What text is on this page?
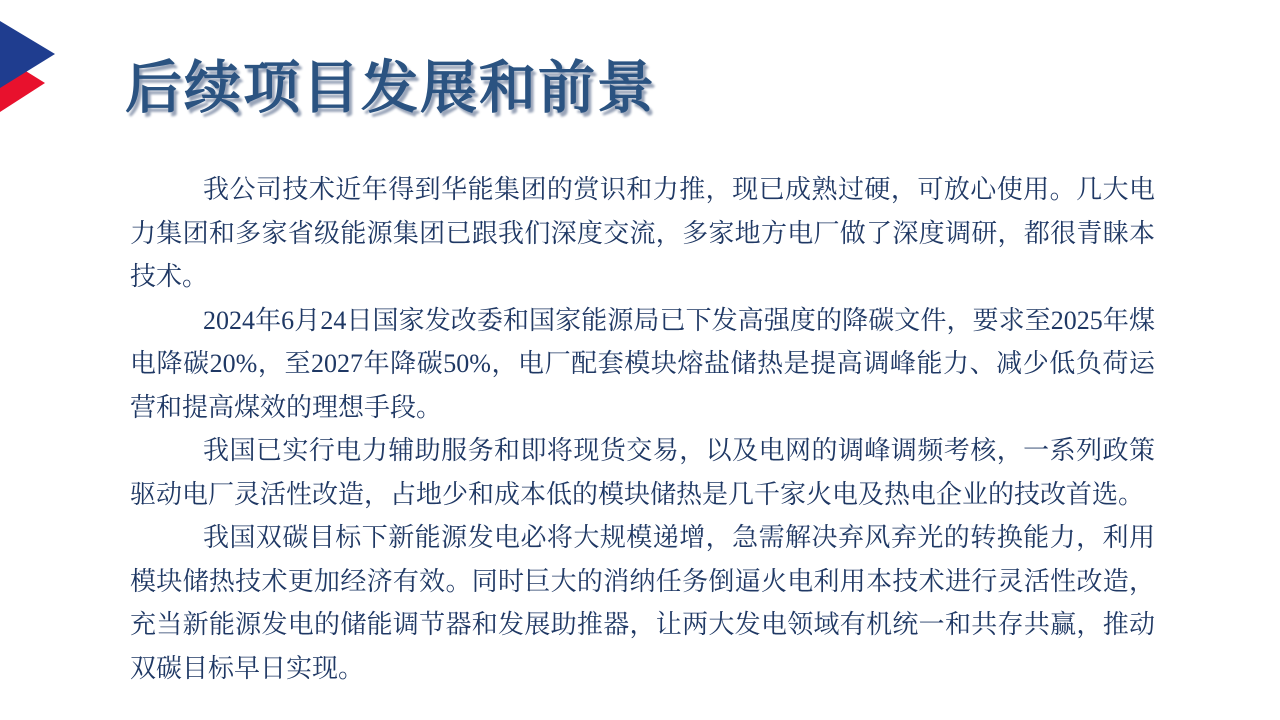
后续项目发展和前景

我公司技术近年得到华能集团的赏识和力推，现已成熟过硬，可放心使用。几大电力集团和多家省级能源集团已跟我们深度交流，多家地方电厂做了深度调研，都很青睐本技术。

2024年6月24日国家发改委和国家能源局已下发高强度的降碳文件，要求至2025年煤电降碳20%，至2027年降碳50%，电厂配套模块熔盐储热是提高调峰能力、减少低负荷运营和提高煤效的理想手段。

我国已实行电力辅助服务和即将现货交易，以及电网的调峰调频考核，一系列政策驱动电厂灵活性改造，占地少和成本低的模块储热是几千家火电及热电企业的技改首选。

我国双碳目标下新能源发电必将大规模递增，急需解决弃风弃光的转换能力，利用模块储热技术更加经济有效。同时巨大的消纳任务倒逼火电利用本技术进行灵活性改造，充当新能源发电的储能调节器和发展助推器，让两大发电领域有机统一和共存共赢，推动双碳目标早日实现。
